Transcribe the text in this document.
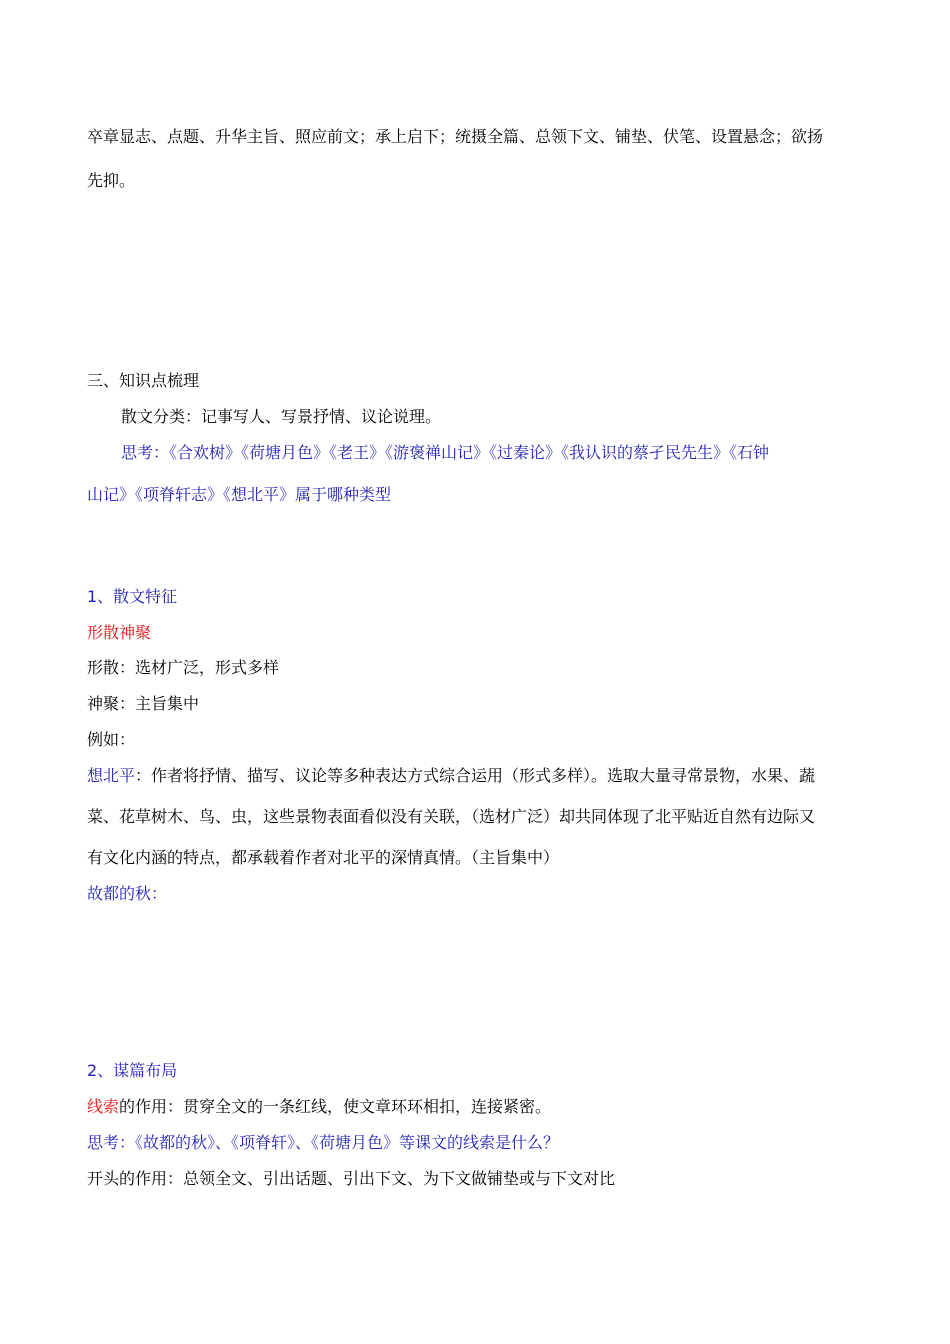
卒章显志、点题、升华主旨、照应前文；承上启下；统摄全篇、总领下文、铺垫、伏笔、设置悬念；欲扬
先抑。
三、知识点梳理
散文分类：记事写人、写景抒情、议论说理。
思考：《合欢树》《荷塘月色》《老王》《游褒禅山记》《过秦论》《我认识的蔡孑民先生》《石钟
山记》《项脊轩志》《想北平》属于哪种类型
1、散文特征
形散神聚
形散：选材广泛，形式多样
神聚：主旨集中
例如：
想北平：作者将抒情、描写、议论等多种表达方式综合运用（形式多样）。选取大量寻常景物，水果、蔬
菜、花草树木、鸟、虫，这些景物表面看似没有关联，（选材广泛）却共同体现了北平贴近自然有边际又
有文化内涵的特点，都承载着作者对北平的深情真情。（主旨集中）
故都的秋：
2、谋篇布局
线索的作用：贯穿全文的一条红线，使文章环环相扣，连接紧密。
思考：《故都的秋》、《项脊轩》、《荷塘月色》等课文的线索是什么？
开头的作用：总领全文、引出话题、引出下文、为下文做铺垫或与下文对比
